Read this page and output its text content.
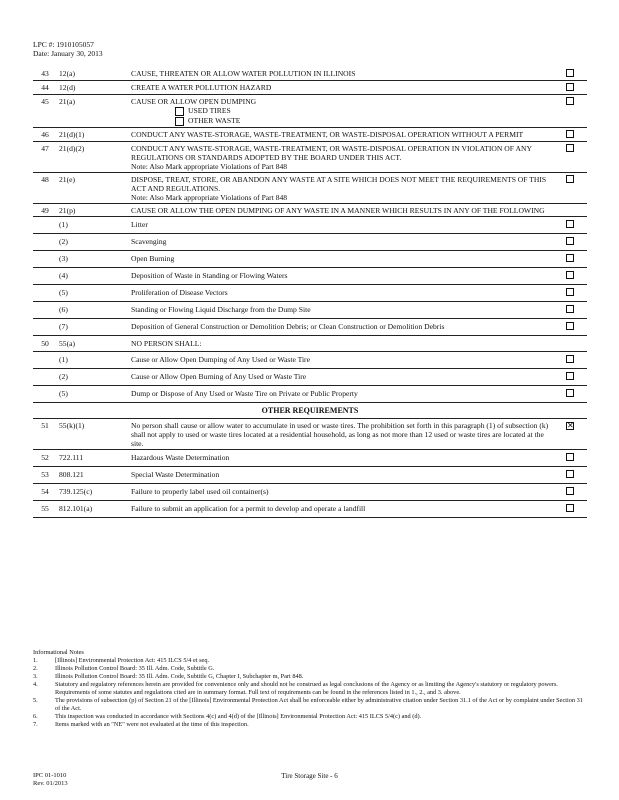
LPC #: 1910105057
Date: January 30, 2013
43	12(a)	CAUSE, THREATEN OR ALLOW WATER POLLUTION IN ILLINOIS	
44	12(d)	CREATE A WATER POLLUTION HAZARD	
45	21(a)	CAUSE OR ALLOW OPEN DUMPING
USED TIRES
OTHER WASTE	

46	21(d)(1)	CONDUCT ANY WASTE-STORAGE, WASTE-TREATMENT, OR WASTE-DISPOSAL OPERATION WITHOUT A PERMIT	
47	21(d)(2)	CONDUCT ANY WASTE-STORAGE, WASTE-TREATMENT, OR WASTE-DISPOSAL OPERATION IN VIOLATION OF ANY REGULATIONS OR STANDARDS ADOPTED BY THE BOARD UNDER THIS ACT.
Note: Also Mark appropriate Violations of Part 848	

48	21(e)	DISPOSE, TREAT, STORE, OR ABANDON ANY WASTE AT A SITE WHICH DOES NOT MEET THE REQUIREMENTS OF THIS ACT AND REGULATIONS.
Note: Also Mark appropriate Violations of Part 848	

49	21(p)	CAUSE OR ALLOW THE OPEN DUMPING OF ANY WASTE IN A MANNER WHICH RESULTS IN ANY OF THE FOLLOWING	
	(1)	Litter	
	(2)	Scavenging	
	(3)	Open Burning	
	(4)	Deposition of Waste in Standing or Flowing Waters	
	(5)	Proliferation of Disease Vectors	
	(6)	Standing or Flowing Liquid Discharge from the Dump Site	
	(7)	Deposition of General Construction or Demolition Debris; or Clean Construction or Demolition Debris	
50	55(a)	NO PERSON SHALL:	
	(1)	Cause or Allow Open Dumping of Any Used or Waste Tire	
	(2)	Cause or Allow Open Burning of Any Used or Waste Tire	
	(5)	Dump or Dispose of Any Used or Waste Tire on Private or Public Property	
OTHER REQUIREMENTS			
51	55(k)(1)	No person shall cause or allow water to accumulate in used or waste tires. The prohibition set forth in this paragraph (1) of subsection (k) shall not apply to used or waste tires located at a residential household, as long as not more than 12 used or waste tires are located at the site.	✕
52	722.111	Hazardous Waste Determination	
53	808.121	Special Waste Determination	
54	739.125(c)	Failure to properly label used oil container(s)	
55	812.101(a)	Failure to submit an application for a permit to develop and operate a landfill	
Informational Notes
1.	[Illinois] Environmental Protection Act: 415 ILCS 5/4 et seq.
2.	Illinois Pollution Control Board: 35 Ill. Adm. Code, Subtitle G.
3.	Illinois Pollution Control Board: 35 Ill. Adm. Code, Subtitle G, Chapter I, Subchapter m, Part 848.
4.	Statutory and regulatory references herein are provided for convenience only and should not be construed as legal conclusions of the Agency or as limiting the Agency's statutory or regulatory powers. Requirements of some statutes and regulations cited are in summary format. Full text of requirements can be found in the references listed in 1., 2., and 3. above.
5.	The provisions of subsection (p) of Section 21 of the [Illinois] Environmental Protection Act shall be enforceable either by administrative citation under Section 31.1 of the Act or by complaint under Section 31 of the Act.
6.	This inspection was conducted in accordance with Sections 4(c) and 4(d) of the [Illinois] Environmental Protection Act: 415 ILCS 5/4(c) and (d).
7.	Items marked with an "NE" were not evaluated at the time of this inspection.
IPC 01-1010
Rev. 01/2013
Tire Storage Site - 6
